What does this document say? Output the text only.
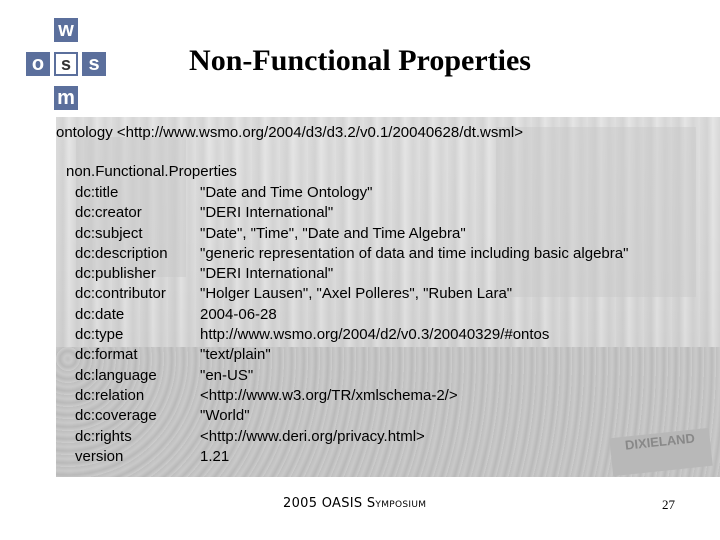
w
o s s
m
Non-Functional Properties
DIXIELAND

ontology <http://www.wsmo.org/2004/d3/d3.2/v0.1/20040628/dt.wsml>

non.Functional.Properties

dc:title	"Date and Time Ontology"
dc:creator	"DERI International"
dc:subject	"Date", "Time", "Date and Time Algebra"
dc:description "generic representation of data and time including basic algebra"
dc:publisher	"DERI International"
dc:contributor "Holger Lausen", "Axel Polleres", "Ruben Lara"
dc:date	2004-06-28
dc:type	http://www.wsmo.org/2004/d2/v0.3/20040329/#ontos
dc:format	"text/plain"
dc:language	"en-US"
dc:relation	<http://www.w3.org/TR/xmlschema-2/>
dc:coverage	"World"
dc:rights	<http://www.deri.org/privacy.html>
version	1.21
2005 OASIS Symposium	27
